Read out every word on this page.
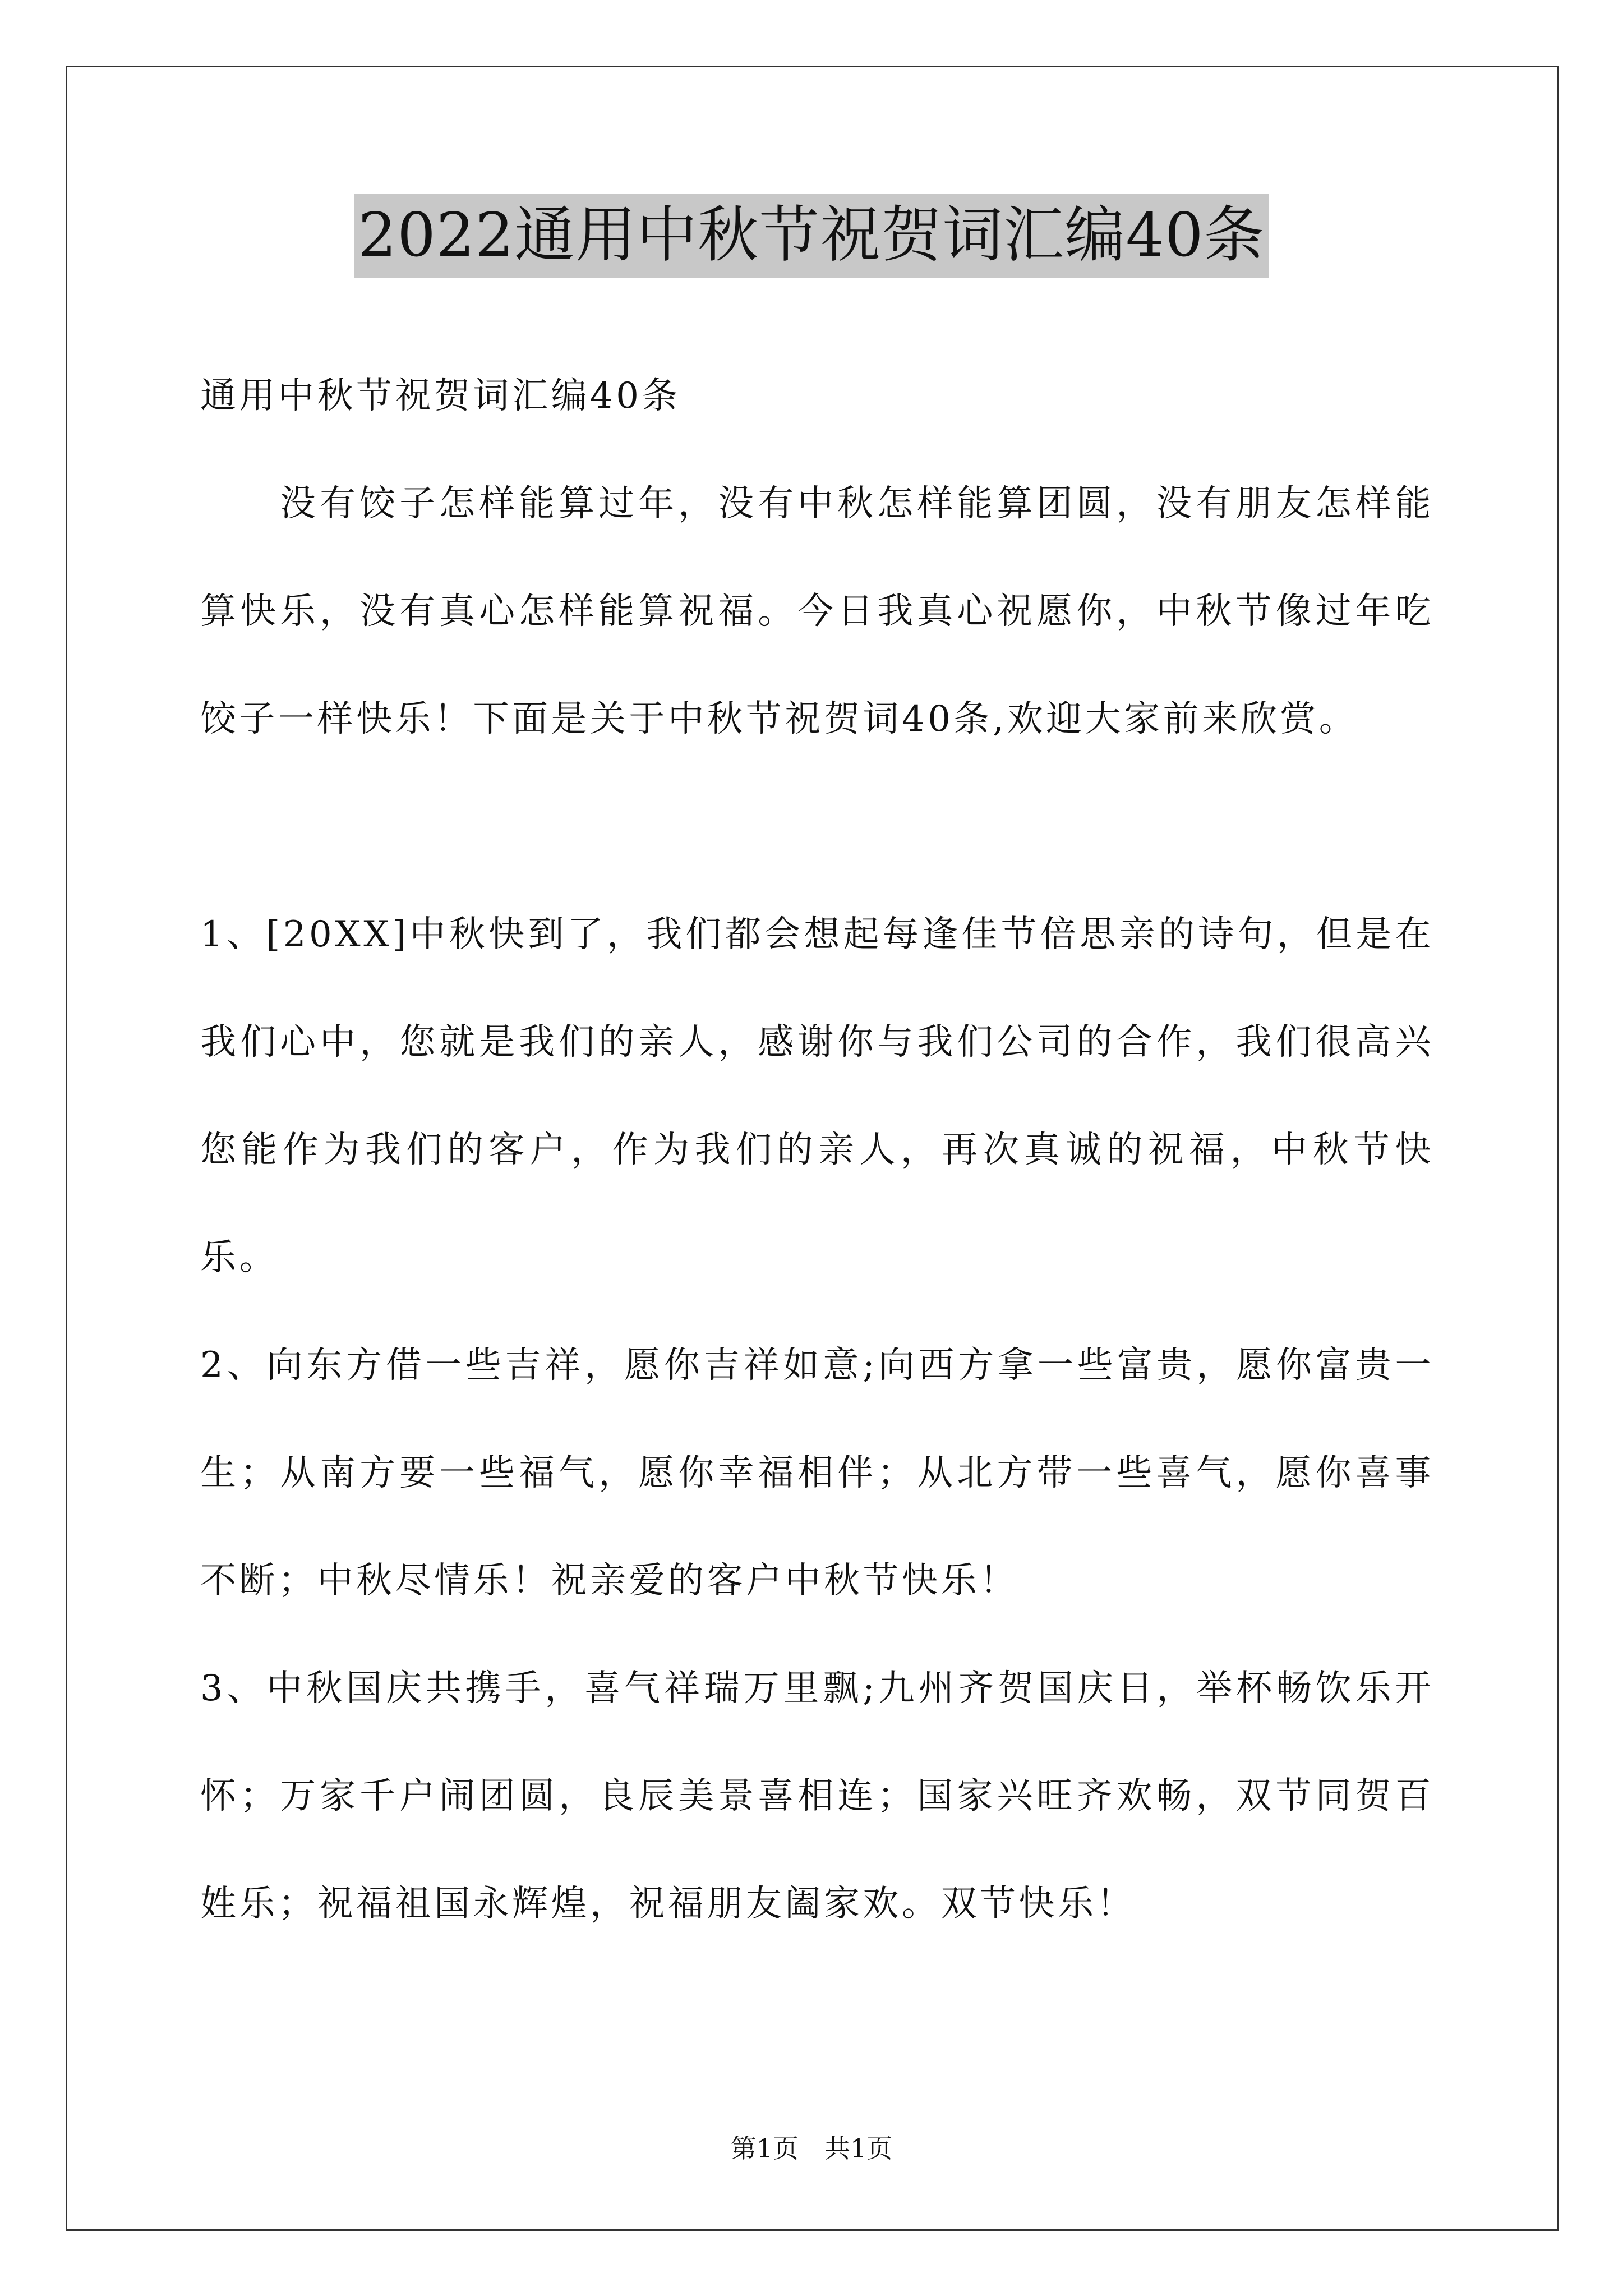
2022通用中秋节祝贺词汇编40条

通用中秋节祝贺词汇编40条

没有饺子怎样能算过年，没有中秋怎样能算团圆，没有朋友怎样能算快乐，没有真心怎样能算祝福。今日我真心祝愿你，中秋节像过年吃饺子一样快乐！下面是关于中秋节祝贺词40条,欢迎大家前来欣赏。

1、[20XX]中秋快到了，我们都会想起每逢佳节倍思亲的诗句，但是在我们心中，您就是我们的亲人，感谢你与我们公司的合作，我们很高兴您能作为我们的客户，作为我们的亲人，再次真诚的祝福，中秋节快乐。

2、向东方借一些吉祥，愿你吉祥如意;向西方拿一些富贵，愿你富贵一生；从南方要一些福气，愿你幸福相伴；从北方带一些喜气，愿你喜事不断；中秋尽情乐！祝亲爱的客户中秋节快乐！

3、中秋国庆共携手，喜气祥瑞万里飘;九州齐贺国庆日，举杯畅饮乐开怀；万家千户闹团圆，良辰美景喜相连；国家兴旺齐欢畅，双节同贺百姓乐；祝福祖国永辉煌，祝福朋友阖家欢。双节快乐！

第1页　共1页
